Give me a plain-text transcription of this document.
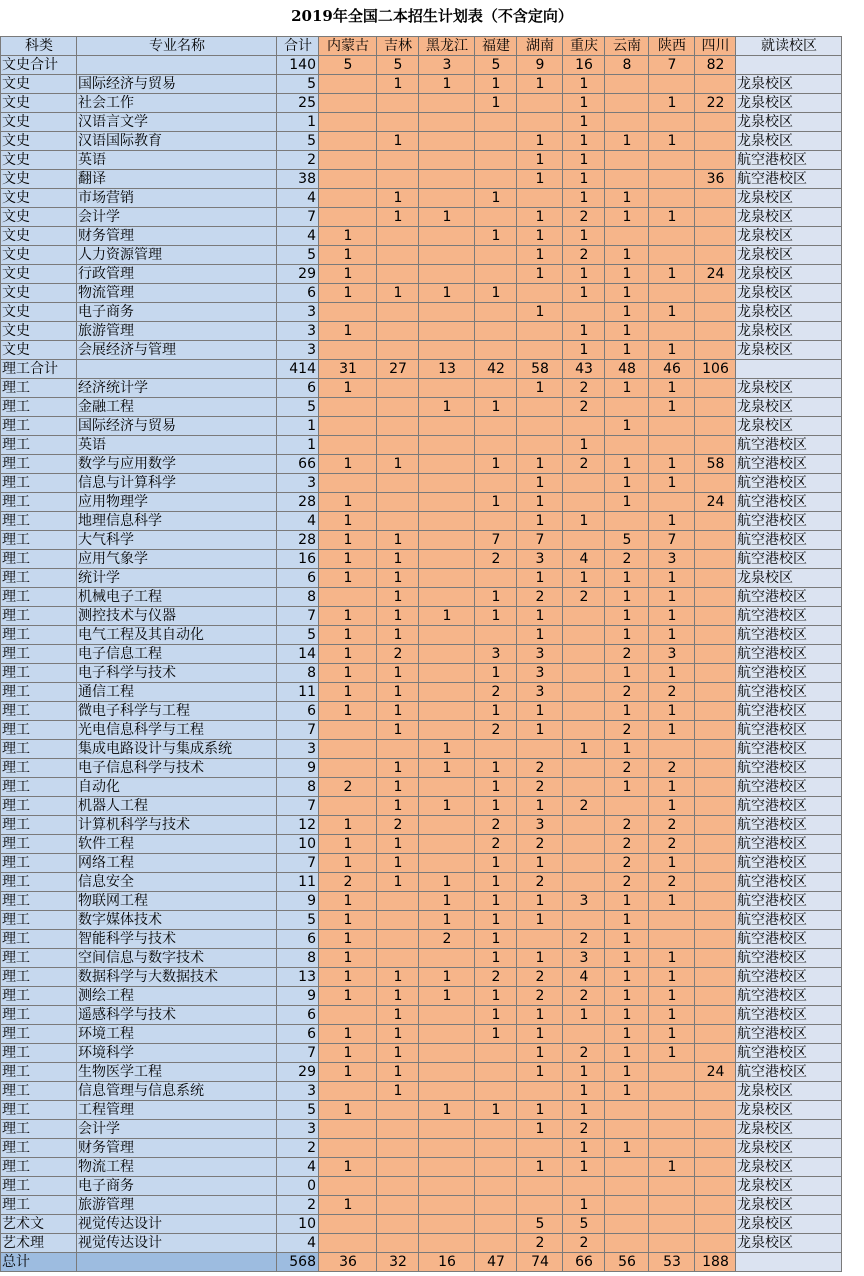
2019年全国二本招生计划表（不含定向）
科类	专业名称	合计	内蒙古	吉林	黑龙江	福建	湖南	重庆	云南	陕西	四川	就读校区
文史合计		140	5	5	3	5	9	16	8	7	82	
文史	国际经济与贸易	5		1	1	1	1	1				龙泉校区
文史	社会工作	25				1		1		1	22	龙泉校区
文史	汉语言文学	1						1				龙泉校区
文史	汉语国际教育	5		1			1	1	1	1		龙泉校区
文史	英语	2					1	1				航空港校区
文史	翻译	38					1	1			36	航空港校区
文史	市场营销	4		1		1		1	1			龙泉校区
文史	会计学	7		1	1		1	2	1	1		龙泉校区
文史	财务管理	4	1			1	1	1				龙泉校区
文史	人力资源管理	5	1				1	2	1			龙泉校区
文史	行政管理	29	1				1	1	1	1	24	龙泉校区
文史	物流管理	6	1	1	1	1		1	1			龙泉校区
文史	电子商务	3					1		1	1		龙泉校区
文史	旅游管理	3	1					1	1			龙泉校区
文史	会展经济与管理	3						1	1	1		龙泉校区
理工合计		414	31	27	13	42	58	43	48	46	106	
理工	经济统计学	6	1				1	2	1	1		龙泉校区
理工	金融工程	5			1	1		2		1		龙泉校区
理工	国际经济与贸易	1							1			龙泉校区
理工	英语	1						1				航空港校区
理工	数学与应用数学	66	1	1		1	1	2	1	1	58	航空港校区
理工	信息与计算科学	3					1		1	1		航空港校区
理工	应用物理学	28	1			1	1		1		24	航空港校区
理工	地理信息科学	4	1				1	1		1		航空港校区
理工	大气科学	28	1	1		7	7		5	7		航空港校区
理工	应用气象学	16	1	1		2	3	4	2	3		航空港校区
理工	统计学	6	1	1			1	1	1	1		龙泉校区
理工	机械电子工程	8		1		1	2	2	1	1		航空港校区
理工	测控技术与仪器	7	1	1	1	1	1		1	1		航空港校区
理工	电气工程及其自动化	5	1	1			1		1	1		航空港校区
理工	电子信息工程	14	1	2		3	3		2	3		航空港校区
理工	电子科学与技术	8	1	1		1	3		1	1		航空港校区
理工	通信工程	11	1	1		2	3		2	2		航空港校区
理工	微电子科学与工程	6	1	1		1	1		1	1		航空港校区
理工	光电信息科学与工程	7		1		2	1		2	1		航空港校区
理工	集成电路设计与集成系统	3			1			1	1			航空港校区
理工	电子信息科学与技术	9		1	1	1	2		2	2		航空港校区
理工	自动化	8	2	1		1	2		1	1		航空港校区
理工	机器人工程	7		1	1	1	1	2		1		航空港校区
理工	计算机科学与技术	12	1	2		2	3		2	2		航空港校区
理工	软件工程	10	1	1		2	2		2	2		航空港校区
理工	网络工程	7	1	1		1	1		2	1		航空港校区
理工	信息安全	11	2	1	1	1	2		2	2		航空港校区
理工	物联网工程	9	1		1	1	1	3	1	1		航空港校区
理工	数字媒体技术	5	1		1	1	1		1			航空港校区
理工	智能科学与技术	6	1		2	1		2	1			航空港校区
理工	空间信息与数字技术	8	1			1	1	3	1	1		航空港校区
理工	数据科学与大数据技术	13	1	1	1	2	2	4	1	1		航空港校区
理工	测绘工程	9	1	1	1	1	2	2	1	1		航空港校区
理工	遥感科学与技术	6		1		1	1	1	1	1		航空港校区
理工	环境工程	6	1	1		1	1		1	1		航空港校区
理工	环境科学	7	1	1			1	2	1	1		航空港校区
理工	生物医学工程	29	1	1			1	1	1		24	航空港校区
理工	信息管理与信息系统	3		1				1	1			龙泉校区
理工	工程管理	5	1		1	1	1	1				龙泉校区
理工	会计学	3					1	2				龙泉校区
理工	财务管理	2						1	1			龙泉校区
理工	物流工程	4	1				1	1		1		龙泉校区
理工	电子商务	0										龙泉校区
理工	旅游管理	2	1					1				龙泉校区
艺术文	视觉传达设计	10					5	5				龙泉校区
艺术理	视觉传达设计	4					2	2				龙泉校区
总计		568	36	32	16	47	74	66	56	53	188	
